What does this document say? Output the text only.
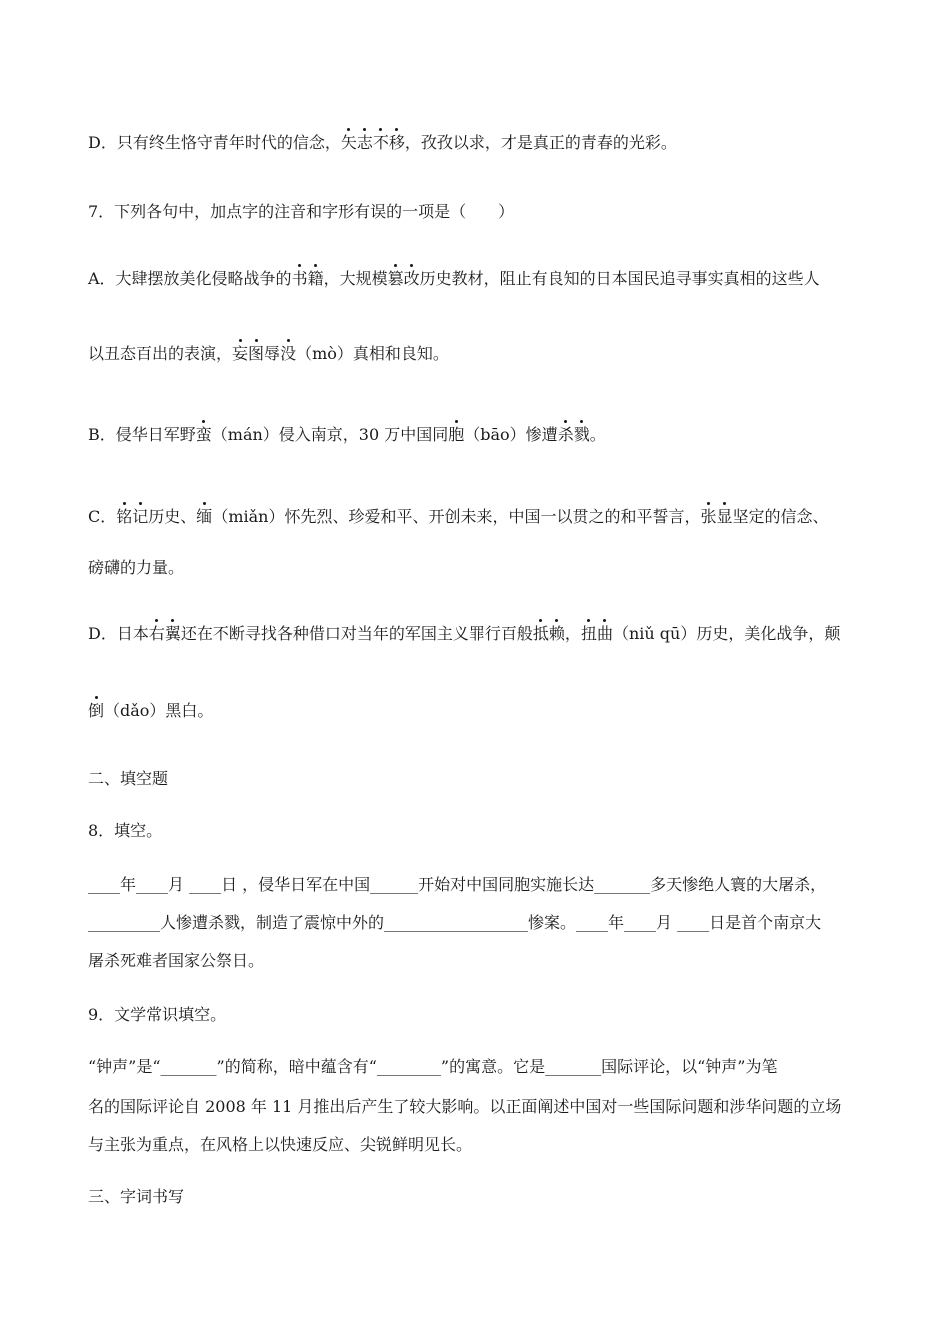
D．只有终生恪守青年时代的信念，矢志不移，孜孜以求，才是真正的青春的光彩。
7．下列各句中，加点字的注音和字形有误的一项是（　　）
A．大肆摆放美化侵略战争的书籍，大规模篡改历史教材，阻止有良知的日本国民追寻事实真相的这些人
以丑态百出的表演，妄图辱没（mò）真相和良知。
B．侵华日军野蛮（mán）侵入南京，30 万中国同胞（bāo）惨遭杀戮。
C．铭记历史、缅（miǎn）怀先烈、珍爱和平、开创未来，中国一以贯之的和平誓言，张显坚定的信念、
磅礴的力量。
D．日本右翼还在不断寻找各种借口对当年的军国主义罪行百般抵赖，扭曲（niǔ qū）历史，美化战争，颠
倒（dǎo）黑白。
二、填空题
8．填空。
____年____月 ____日 ，侵华日军在中国______开始对中国同胞实施长达_______多天惨绝人寰的大屠杀，
_________人惨遭杀戮，制造了震惊中外的__________________惨案。____年____月 ____日是首个南京大
屠杀死难者国家公祭日。
9．文学常识填空。
“钟声”是“_______”的简称，暗中蕴含有“________”的寓意。它是_______国际评论，以“钟声”为笔
名的国际评论自 2008 年 11 月推出后产生了较大影响。以正面阐述中国对一些国际问题和涉华问题的立场
与主张为重点，在风格上以快速反应、尖锐鲜明见长。
三、字词书写
